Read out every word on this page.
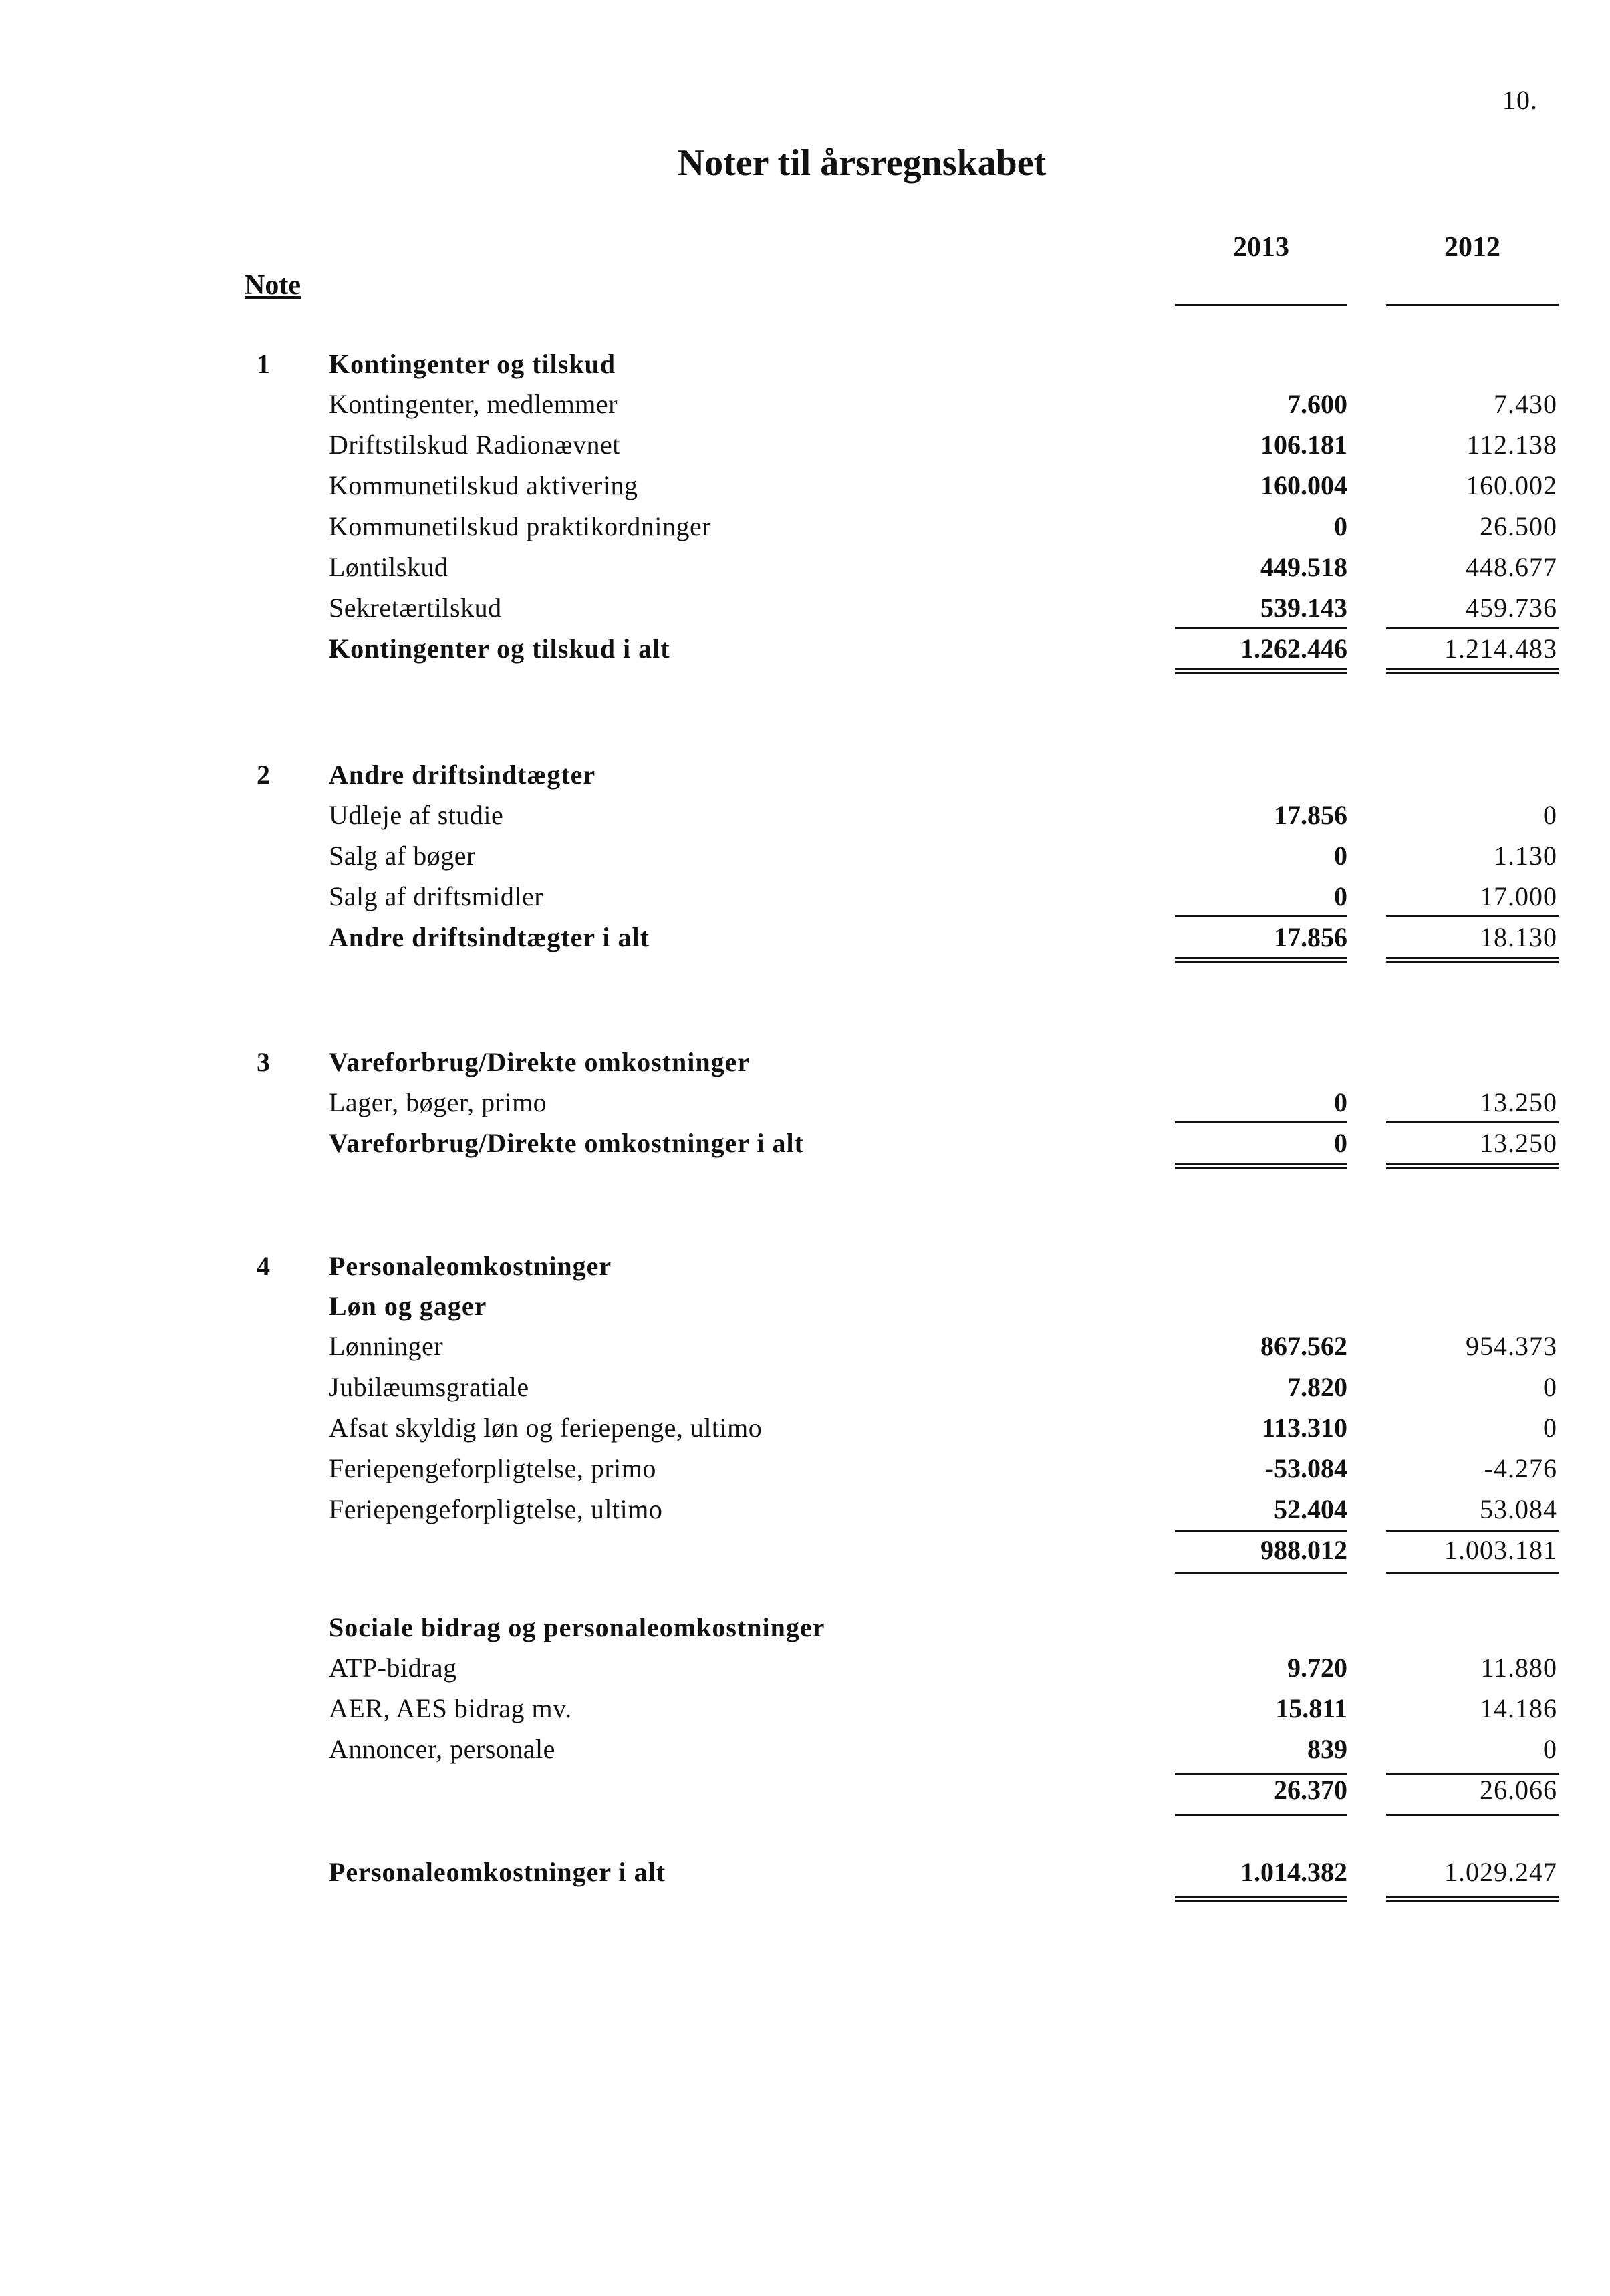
10.
Noter til årsregnskabet
Note
2013	2012
1	Kontingenter og tilskud
Kontingenter, medlemmer	7.600	7.430
Driftstilskud Radionævnet	106.181	112.138
Kommunetilskud aktivering	160.004	160.002
Kommunetilskud praktikordninger	0	26.500
Løntilskud	449.518	448.677
Sekretærtilskud	539.143	459.736
Kontingenter og tilskud i alt	1.262.446	1.214.483
2	Andre driftsindtægter
Udleje af studie	17.856	0
Salg af bøger	0	1.130
Salg af driftsmidler	0	17.000
Andre driftsindtægter i alt	17.856	18.130
3	Vareforbrug/Direkte omkostninger
Lager, bøger, primo	0	13.250
Vareforbrug/Direkte omkostninger i alt	0	13.250
4	Personaleomkostninger
Løn og gager
Lønninger	867.562	954.373
Jubilæumsgratiale	7.820	0
Afsat skyldig løn og feriepenge, ultimo	113.310	0
Feriepengeforpligtelse, primo	-53.084	-4.276
Feriepengeforpligtelse, ultimo	52.404	53.084
988.012	1.003.181
Sociale bidrag og personaleomkostninger
ATP-bidrag	9.720	11.880
AER, AES bidrag mv.	15.811	14.186
Annoncer, personale	839	0
26.370	26.066
Personaleomkostninger i alt	1.014.382	1.029.247
